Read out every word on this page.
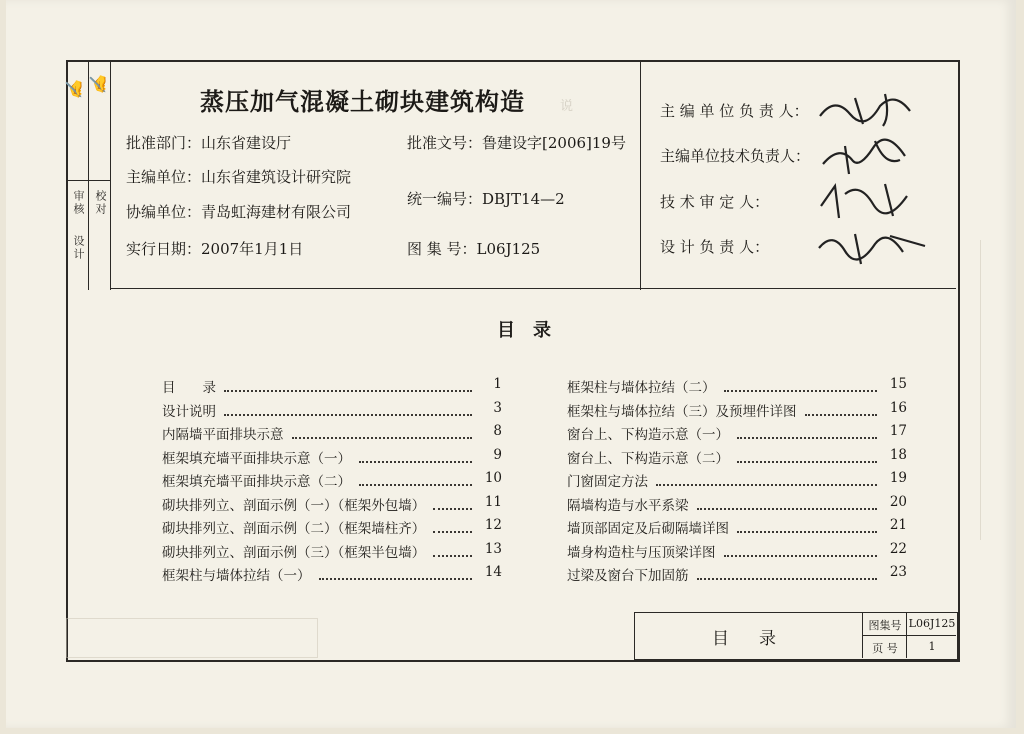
说
审核 校对
设计
✍ ✍
蒸压加气混凝土砌块建筑构造
批准部门：山东省建设厅
主编单位：山东省建筑设计研究院
协编单位：青岛虹海建材有限公司
实行日期：2007年1月1日
批准文号：鲁建设字[2006]19号
统一编号：DBJT14—2
图 集 号：L06J125
主 编 单 位 负 责 人：
主编单位技术负责人：
技 术 审 定 人：
设 计 负 责 人：
目　录
目　　录	1
设计说明	3
内隔墙平面排块示意	8
框架填充墙平面排块示意（一）	9
框架填充墙平面排块示意（二）	10
砌块排列立、剖面示例（一）（框架外包墙）	11
砌块排列立、剖面示例（二）（框架墙柱齐）	12
砌块排列立、剖面示例（三）（框架半包墙）	13
框架柱与墙体拉结（一）	14
框架柱与墙体拉结（二）	15
框架柱与墙体拉结（三）及预埋件详图	16
窗台上、下构造示意（一）	17
窗台上、下构造示意（二）	18
门窗固定方法	19
隔墙构造与水平系梁	20
墙顶部固定及后砌隔墙详图	21
墙身构造柱与压顶梁详图	22
过梁及窗台下加固筋	23
目录
图集号 L06J125
页 号	1
